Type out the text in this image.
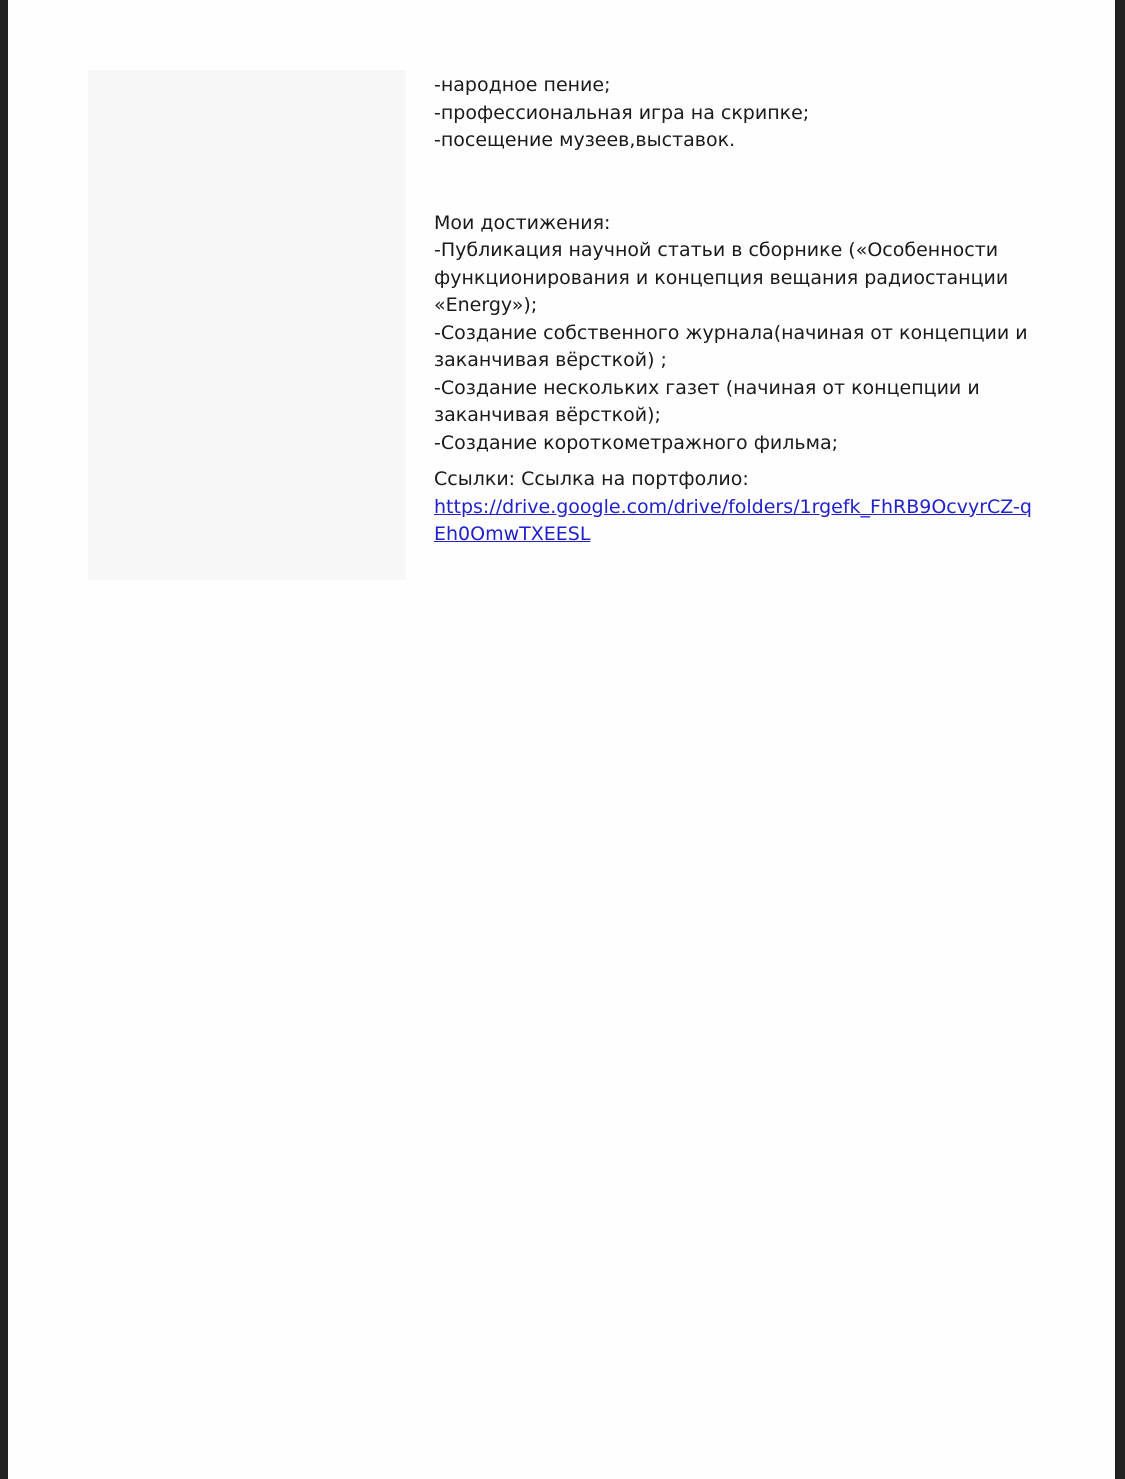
-народное пение;

-профессиональная игра на скрипке;

-посещение музеев,выставок.

Мои достижения:

-Публикация научной статьи в сборнике («Особенности функционирования и концепция вещания радиостанции «Energy»);

-Создание собственного журнала(начиная от концепции и заканчивая вёрсткой) ;

-Создание нескольких газет (начиная от концепции и заканчивая вёрсткой);

-Создание короткометражного фильма;

Ссылки: Ссылка на портфолио:

https://drive.google.com/drive/folders/1rgefk_FhRB9OcvyrCZ-qEh0OmwTXEESL
